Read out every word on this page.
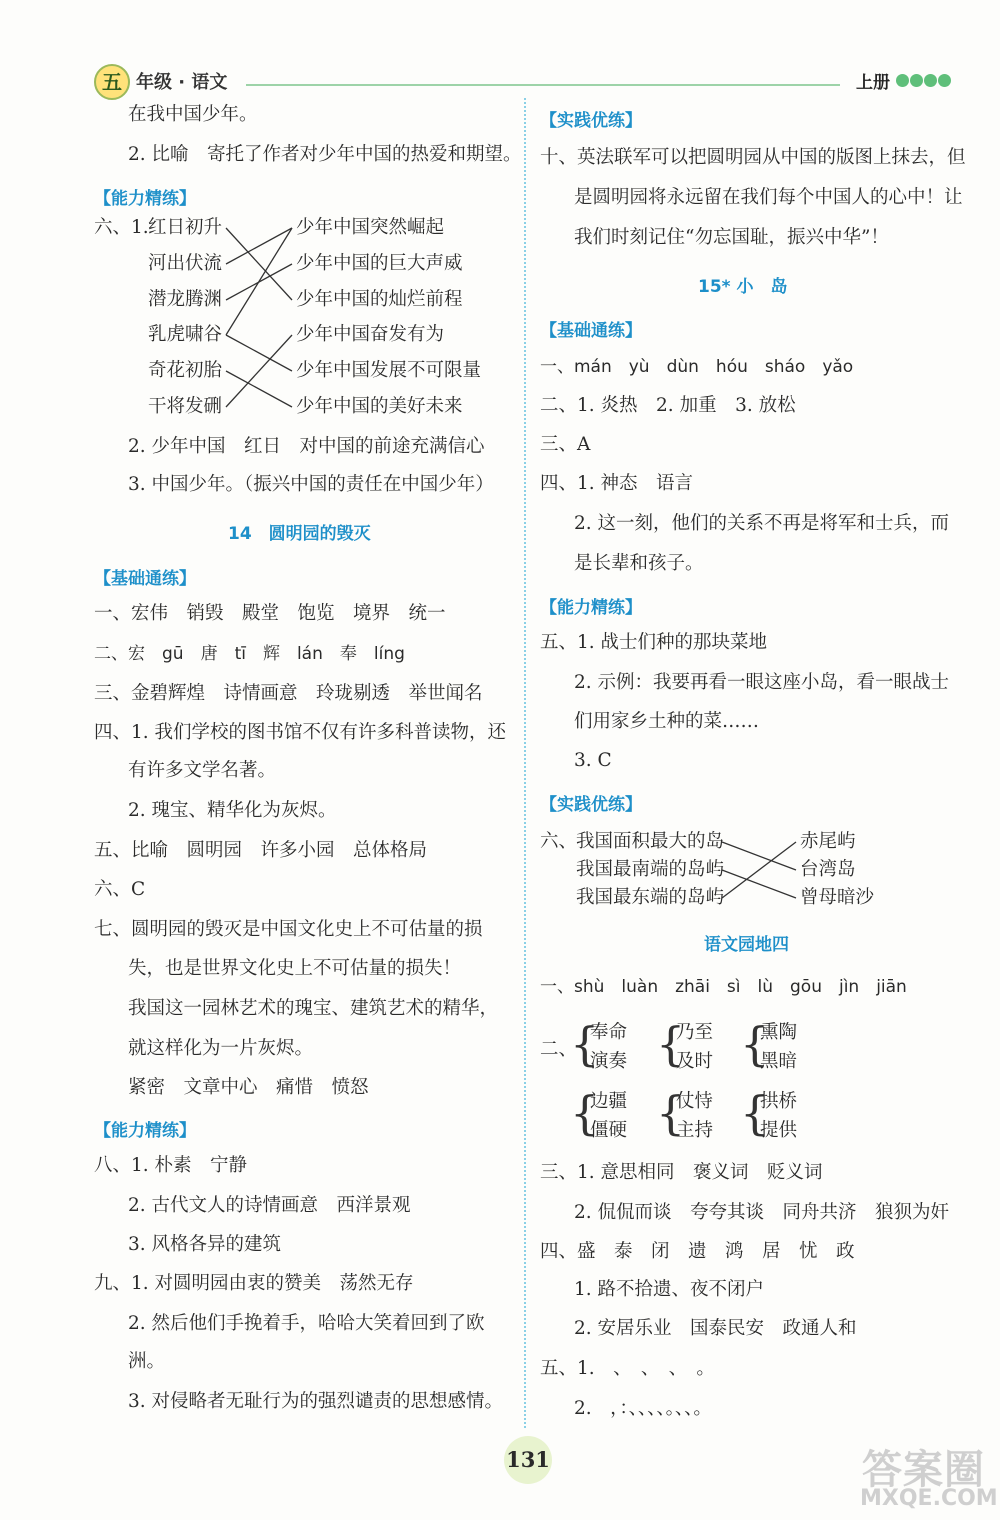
五 年级 · 语文	上册
在我中国少年。
2. 比喻　寄托了作者对少年中国的热爱和期望。
【能力精练】
六、1. 红日初升
河出伏流
潜龙腾渊
乳虎啸谷
奇花初胎
干将发硎
少年中国突然崛起
少年中国的巨大声威
少年中国的灿烂前程
少年中国奋发有为
少年中国发展不可限量
少年中国的美好未来
2. 少年中国　红日　对中国的前途充满信心
3. 中国少年。（振兴中国的责任在中国少年）
14　圆明园的毁灭
【基础通练】
一、宏伟　销毁　殿堂　饱览　境界　统一
二、宏　gū　唐　tī　辉　lán　奉　líng
三、金碧辉煌　诗情画意　玲珑剔透　举世闻名
四、1. 我们学校的图书馆不仅有许多科普读物，还
有许多文学名著。
2. 瑰宝、精华化为灰烬。
五、比喻　圆明园　许多小园　总体格局
六、C
七、圆明园的毁灭是中国文化史上不可估量的损
失，也是世界文化史上不可估量的损失！
我国这一园林艺术的瑰宝、建筑艺术的精华，
就这样化为一片灰烬。
紧密　文章中心　痛惜　愤怒
【能力精练】
八、1. 朴素　宁静
2. 古代文人的诗情画意　西洋景观
3. 风格各异的建筑
九、1. 对圆明园由衷的赞美　荡然无存
2. 然后他们手挽着手，哈哈大笑着回到了欧
洲。
3. 对侵略者无耻行为的强烈谴责的思想感情。
【实践优练】
十、英法联军可以把圆明园从中国的版图上抹去，但
是圆明园将永远留在我们每个中国人的心中！让
我们时刻记住“勿忘国耻，振兴中华”！
15* 小　岛
【基础通练】
一、mán　yù　dùn　hóu　sháo　yǎo
二、1. 炎热　2. 加重　3. 放松
三、A
四、1. 神态　语言
2. 这一刻，他们的关系不再是将军和士兵，而
是长辈和孩子。
【能力精练】
五、1. 战士们种的那块菜地
2. 示例：我要再看一眼这座小岛，看一眼战士
们用家乡土种的菜……
3. C
【实践优练】
六、
我国面积最大的岛
我国最南端的岛屿
我国最东端的岛屿
赤尾屿
台湾岛
曾母暗沙
语文园地四
一、shù　luàn　zhāi　sì　lù　gōu　jìn　jiān
二、
{
奉命
演奏 {
乃至
及时 {
熏陶
黑暗
{
边疆
僵硬 {
仗恃
主持 {
拱桥
提供
三、1. 意思相同　褒义词　贬义词
2. 侃侃而谈　夸夸其谈　同舟共济　狼狈为奸
四、盛　泰　闭　遗　鸿　居　忧　政
1. 路不拾遗、夜不闭户
2. 安居乐业　国泰民安　政通人和
五、1.　、　、　、　。
2.　，：、、、、。、、。
131	答案圈
MXQE.COM
